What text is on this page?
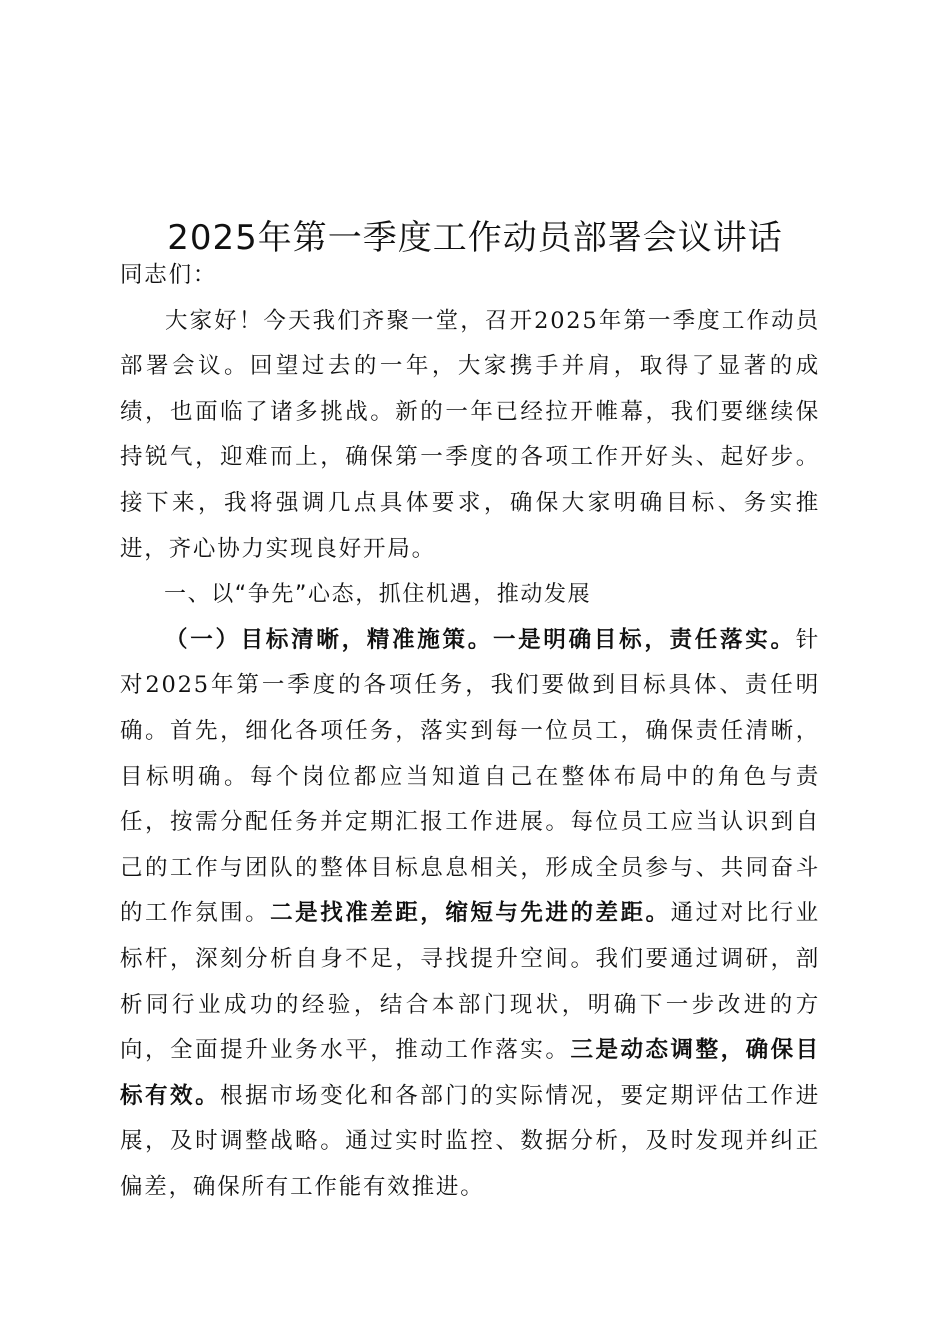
2025年第一季度工作动员部署会议讲话

同志们：

大家好！今天我们齐聚一堂，召开2025年第一季度工作动员部署会议。回望过去的一年，大家携手并肩，取得了显著的成绩，也面临了诸多挑战。新的一年已经拉开帷幕，我们要继续保持锐气，迎难而上，确保第一季度的各项工作开好头、起好步。接下来，我将强调几点具体要求，确保大家明确目标、务实推进，齐心协力实现良好开局。

一、以“争先”心态，抓住机遇，推动发展

（一）目标清晰，精准施策。一是明确目标，责任落实。针对2025年第一季度的各项任务，我们要做到目标具体、责任明确。首先，细化各项任务，落实到每一位员工，确保责任清晰，目标明确。每个岗位都应当知道自己在整体布局中的角色与责任，按需分配任务并定期汇报工作进展。每位员工应当认识到自己的工作与团队的整体目标息息相关，形成全员参与、共同奋斗的工作氛围。二是找准差距，缩短与先进的差距。通过对比行业标杆，深刻分析自身不足，寻找提升空间。我们要通过调研，剖析同行业成功的经验，结合本部门现状，明确下一步改进的方向，全面提升业务水平，推动工作落实。三是动态调整，确保目标有效。根据市场变化和各部门的实际情况，要定期评估工作进展，及时调整战略。通过实时监控、数据分析，及时发现并纠正偏差，确保所有工作能有效推进。
